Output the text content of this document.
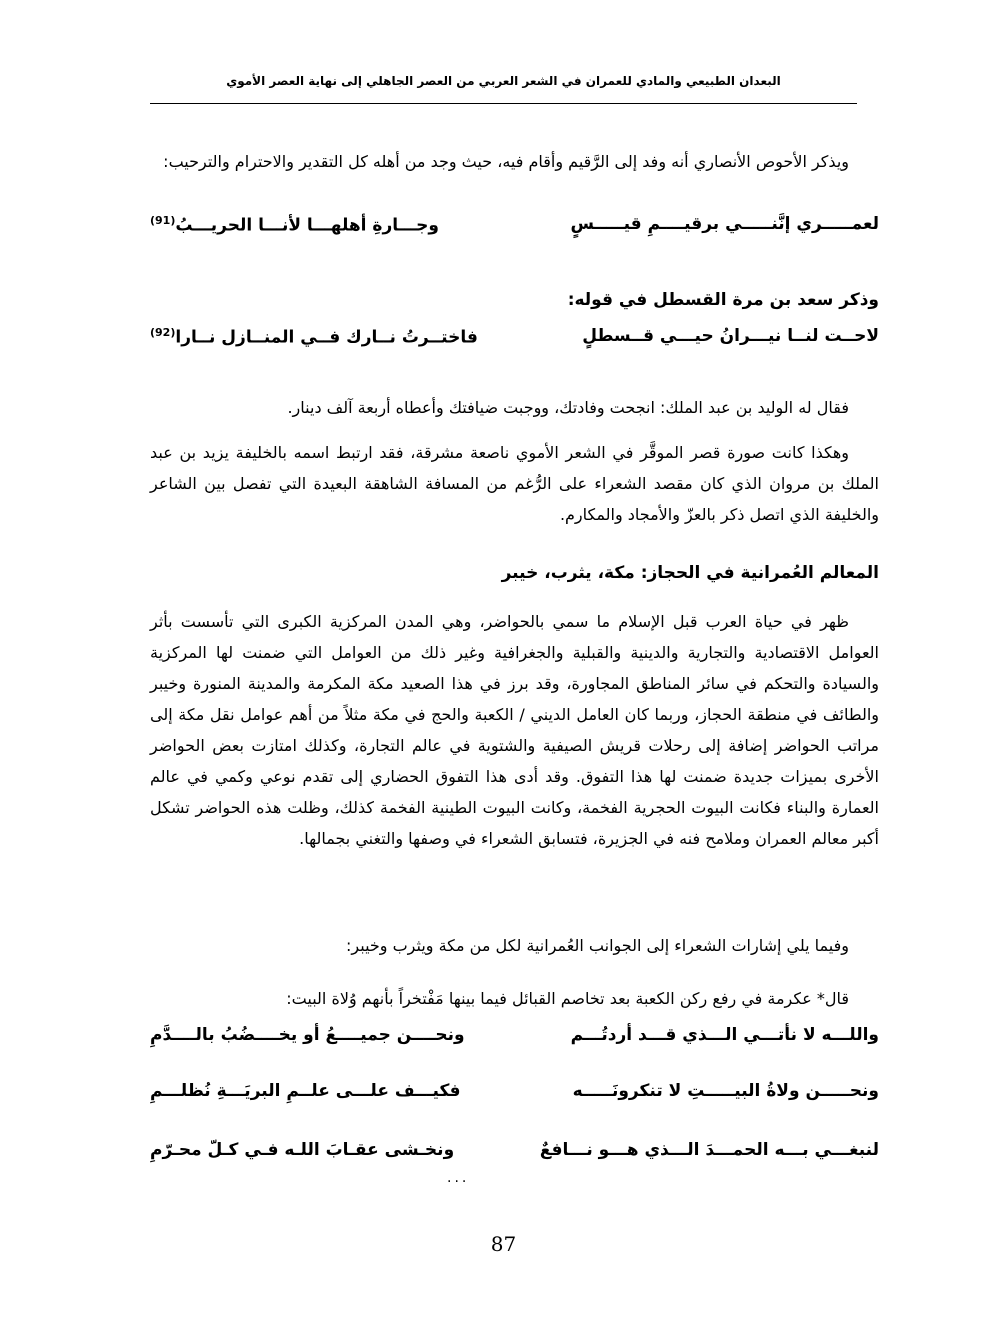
البعدان الطبيعي والمادي للعمران في الشعر العربي من العصر الجاهلي إلى نهاية العصر الأموي
ويذكر الأحوص الأنصاري أنه وفد إلى الرَّقيم وأقام فيه، حيث وجد من أهله كل التقدير والاحترام والترحيب:
لعمـــــري إنَّنـــــي برقيــــمِ قيـــــسٍ
وجـــارةِ أهلهـــا لأنـــا الحريـــبُ$^{(91)}$
وذكر سعد بن مرة القسطل في قوله:
لاحــت لنــا نيـــرانُ حيـــي قــسطلٍ
فاختــرتُ نــارك فــي المنــازل نــارا$^{(92)}$
فقال له الوليد بن عبد الملك: انجحت وفادتك، ووجبت ضيافتك وأعطاه أربعة آلف دينار.
وهكذا كانت صورة قصر الموقَّر في الشعر الأموي ناصعة مشرقة، فقد ارتبط اسمه بالخليفة يزيد بن عبد الملك بن مروان الذي كان مقصد الشعراء على الرُّغم من المسافة الشاهقة البعيدة التي تفصل بين الشاعر والخليفة الذي اتصل ذكر بالعزّ والأمجاد والمكارم.
المعالم العُمرانية في الحجاز: مكة، يثرب، خيبر
ظهر في حياة العرب قبل الإسلام ما سمي بالحواضر، وهي المدن المركزية الكبرى التي تأسست بأثر العوامل الاقتصادية والتجارية والدينية والقبلية والجغرافية وغير ذلك من العوامل التي ضمنت لها المركزية والسيادة والتحكم في سائر المناطق المجاورة، وقد برز في هذا الصعيد مكة المكرمة والمدينة المنورة وخيبر والطائف في منطقة الحجاز، وربما كان العامل الديني / الكعبة والحج في مكة مثلاً من أهم عوامل نقل مكة إلى مراتب الحواضر إضافة إلى رحلات قريش الصيفية والشتوية في عالم التجارة، وكذلك امتازت بعض الحواضر الأخرى بميزات جديدة ضمنت لها هذا التفوق. وقد أدى هذا التفوق الحضاري إلى تقدم نوعي وكمي في عالم العمارة والبناء فكانت البيوت الحجرية الفخمة، وكانت البيوت الطينية الفخمة كذلك، وظلت هذه الحواضر تشكل أكبر معالم العمران وملامح فنه في الجزيرة، فتسابق الشعراء في وصفها والتغني بجمالها.
وفيما يلي إشارات الشعراء إلى الجوانب العُمرانية لكل من مكة ويثرب وخيبر:
قال* عكرمة في رفع ركن الكعبة بعد تخاصم القبائل فيما بينها مَفْتخراً بأنهم وُلاة البيت:
واللـــه لا نأتـــي الـــذي قـــد أردتُـــم
ونحــــن جميــــعُ أو يخــــضُبُ بالــــدَّمِ
ونحـــــن ولاةُ البيـــــتِ لا تنكرونَـــــه
فكيـــف علـــى علــمِ البريَـــةِ نُظلـــمِ
لنبغـــي بـــه الحمـــدَ الـــذي هـــو نـــافعٌ
ونخـشى عقـابَ اللـه فـي كـلّ محـرّمِ
...
87
